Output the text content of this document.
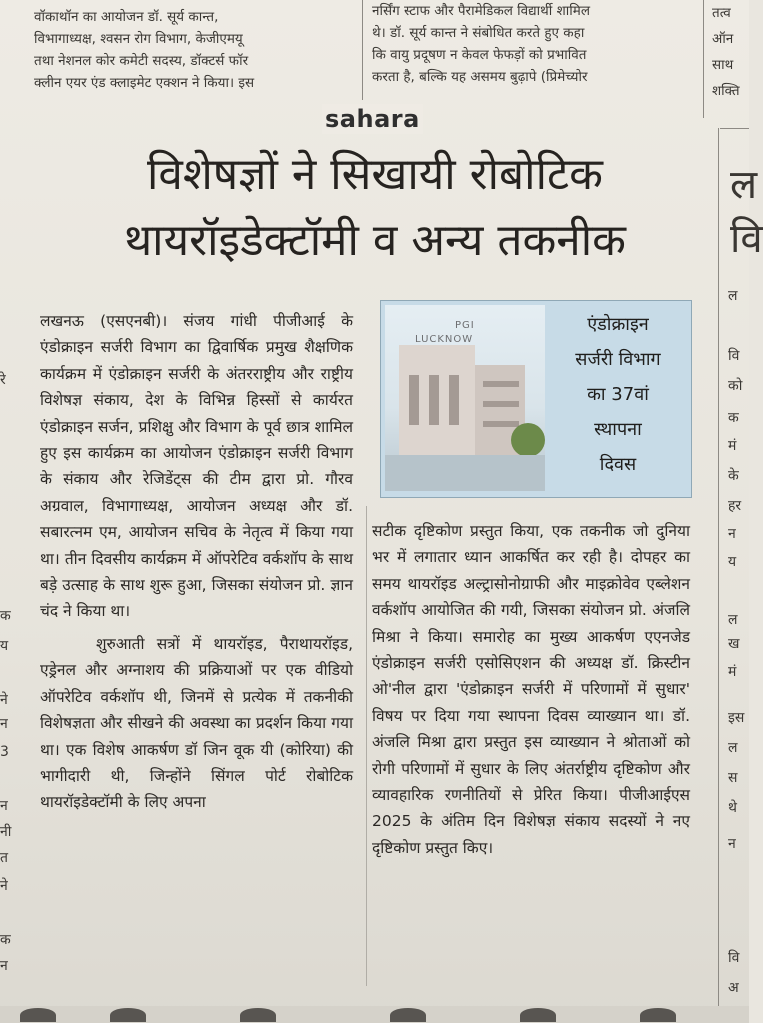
वॉकाथॉन का आयोजन डॉ. सूर्य कान्त,

विभागाध्यक्ष, श्वसन रोग विभाग, केजीएमयू

तथा नेशनल कोर कमेटी सदस्य, डॉक्टर्स फॉर

क्लीन एयर एंड क्लाइमेट एक्शन ने किया। इस

नर्सिंग स्टाफ और पैरामेडिकल विद्यार्थी शामिल

थे। डॉ. सूर्य कान्त ने संबोधित करते हुए कहा

कि वायु प्रदूषण न केवल फेफड़ों को प्रभावित

करता है, बल्कि यह असमय बुढ़ापे (प्रिमेच्योर

तत्व

ऑन

साथ

शक्ति

sahara
विशेषज्ञों ने सिखायी रोबोटिक
थायरॉइडेक्टॉमी व अन्य तकनीक
ल
वि
PGI
LUCKNOW
एंडोक्राइन
सर्जरी विभाग
का 37वां
स्थापना
दिवस

लखनऊ (एसएनबी)। संजय गांधी पीजीआई के एंडोक्राइन सर्जरी विभाग का द्विवार्षिक प्रमुख शैक्षणिक कार्यक्रम में एंडोक्राइन सर्जरी के अंतरराष्ट्रीय और राष्ट्रीय विशेषज्ञ संकाय, देश के विभिन्न हिस्सों से कार्यरत एंडोक्राइन सर्जन, प्रशिक्षु और विभाग के पूर्व छात्र शामिल हुए इस कार्यक्रम का आयोजन एंडोक्राइन सर्जरी विभाग के संकाय और रेजिडेंट्स की टीम द्वारा प्रो. गौरव अग्रवाल, विभागाध्यक्ष, आयोजन अध्यक्ष और डॉ. सबारत्नम एम, आयोजन सचिव के नेतृत्व में किया गया था। तीन दिवसीय कार्यक्रम में ऑपरेटिव वर्कशॉप के साथ बड़े उत्साह के साथ शुरू हुआ, जिसका संयोजन प्रो. ज्ञान चंद ने किया था।

शुरुआती सत्रों में थायरॉइड, पैराथायरॉइड, एड्रेनल और अग्नाशय की प्रक्रियाओं पर एक वीडियो ऑपरेटिव वर्कशॉप थी, जिनमें से प्रत्येक में तकनीकी विशेषज्ञता और सीखने की अवस्था का प्रदर्शन किया गया था। एक विशेष आकर्षण डॉ जिन वूक यी (कोरिया) की भागीदारी थी, जिन्होंने सिंगल पोर्ट रोबोटिक थायरॉइडेक्टॉमी के लिए अपना

सटीक दृष्टिकोण प्रस्तुत किया, एक तकनीक जो दुनिया भर में लगातार ध्यान आकर्षित कर रही है। दोपहर का समय थायरॉइड अल्ट्रासोनोग्राफी और माइक्रोवेव एब्लेशन वर्कशॉप आयोजित की गयी, जिसका संयोजन प्रो. अंजलि मिश्रा ने किया। समारोह का मुख्य आकर्षण एएनजेड एंडोक्राइन सर्जरी एसोसिएशन की अध्यक्ष डॉ. क्रिस्टीन ओ'नील द्वारा 'एंडोक्राइन सर्जरी में परिणामों में सुधार' विषय पर दिया गया स्थापना दिवस व्याख्यान था। डॉ. अंजलि मिश्रा द्वारा प्रस्तुत इस व्याख्यान ने श्रोताओं को रोगी परिणामों में सुधार के लिए अंतर्राष्ट्रीय दृष्टिकोण और व्यावहारिक रणनीतियों से प्रेरित किया। पीजीआईएस 2025 के अंतिम दिन विशेषज्ञ संकाय सदस्यों ने नए दृष्टिकोण प्रस्तुत किए।

रे
क
य
ने
न
3
न
नी
त
ने
क
न
ल
वि
को
क
मं
के
हर
न
य
ल
ख
मं
इस
ल
स
थे
न
वि
अ
